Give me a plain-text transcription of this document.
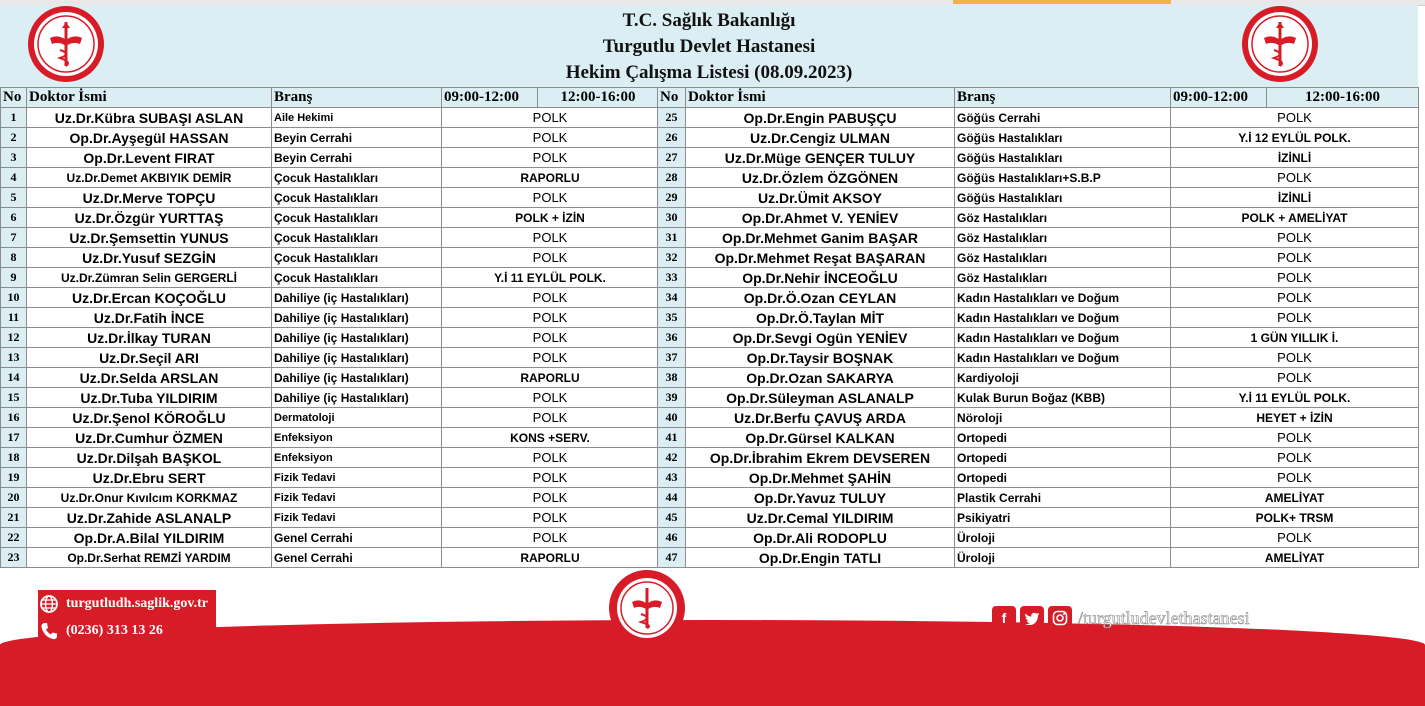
T.C. Sağlık Bakanlığı
Turgutlu Devlet Hastanesi
Hekim Çalışma Listesi (08.09.2023)
No	Doktor İsmi	Branş	09:00-12:00	12:00-16:00
1	Uz.Dr.Kübra SUBAŞI ASLAN	Aile Hekimi	POLK	
2	Op.Dr.Ayşegül HASSAN	Beyin Cerrahi	POLK	
3	Op.Dr.Levent FIRAT	Beyin Cerrahi	POLK	
4	Uz.Dr.Demet AKBIYIK DEMİR	Çocuk Hastalıkları	RAPORLU	
5	Uz.Dr.Merve TOPÇU	Çocuk Hastalıkları	POLK	
6	Uz.Dr.Özgür YURTTAŞ	Çocuk Hastalıkları	POLK + İZİN	
7	Uz.Dr.Şemsettin YUNUS	Çocuk Hastalıkları	POLK	
8	Uz.Dr.Yusuf SEZGİN	Çocuk Hastalıkları	POLK	
9	Uz.Dr.Zümran Selin GERGERLİ	Çocuk Hastalıkları	Y.İ 11 EYLÜL POLK.	
10	Uz.Dr.Ercan KOÇOĞLU	Dahiliye (iç Hastalıkları)	POLK	
11	Uz.Dr.Fatih İNCE	Dahiliye (iç Hastalıkları)	POLK	
12	Uz.Dr.İlkay TURAN	Dahiliye (iç Hastalıkları)	POLK	
13	Uz.Dr.Seçil ARI	Dahiliye (iç Hastalıkları)	POLK	
14	Uz.Dr.Selda ARSLAN	Dahiliye (iç Hastalıkları)	RAPORLU	
15	Uz.Dr.Tuba YILDIRIM	Dahiliye (iç Hastalıkları)	POLK	
16	Uz.Dr.Şenol KÖROĞLU	Dermatoloji	POLK	
17	Uz.Dr.Cumhur ÖZMEN	Enfeksiyon	KONS +SERV.	
18	Uz.Dr.Dilşah BAŞKOL	Enfeksiyon	POLK	
19	Uz.Dr.Ebru SERT	Fizik Tedavi	POLK	
20	Uz.Dr.Onur Kıvılcım KORKMAZ	Fizik Tedavi	POLK	
21	Uz.Dr.Zahide ASLANALP	Fizik Tedavi	POLK	
22	Op.Dr.A.Bilal YILDIRIM	Genel Cerrahi	POLK	
23	Op.Dr.Serhat REMZİ YARDIM	Genel Cerrahi	RAPORLU	
No	Doktor İsmi	Branş	09:00-12:00	12:00-16:00
25	Op.Dr.Engin PABUŞÇU	Göğüs Cerrahi	POLK	
26	Uz.Dr.Cengiz ULMAN	Göğüs Hastalıkları	Y.İ 12 EYLÜL POLK.	
27	Uz.Dr.Müge GENÇER TULUY	Göğüs Hastalıkları	İZİNLİ	
28	Uz.Dr.Özlem ÖZGÖNEN	Göğüs Hastalıkları+S.B.P	POLK	
29	Uz.Dr.Ümit AKSOY	Göğüs Hastalıkları	İZİNLİ	
30	Op.Dr.Ahmet V. YENİEV	Göz Hastalıkları	POLK + AMELİYAT	
31	Op.Dr.Mehmet Ganim BAŞAR	Göz Hastalıkları	POLK	
32	Op.Dr.Mehmet Reşat BAŞARAN	Göz Hastalıkları	POLK	
33	Op.Dr.Nehir İNCEOĞLU	Göz Hastalıkları	POLK	
34	Op.Dr.Ö.Ozan CEYLAN	Kadın Hastalıkları ve Doğum	POLK	
35	Op.Dr.Ö.Taylan MİT	Kadın Hastalıkları ve Doğum	POLK	
36	Op.Dr.Sevgi Ogün YENİEV	Kadın Hastalıkları ve Doğum	1 GÜN YILLIK İ.	
37	Op.Dr.Taysir BOŞNAK	Kadın Hastalıkları ve Doğum	POLK	
38	Op.Dr.Ozan SAKARYA	Kardiyoloji	POLK	
39	Op.Dr.Süleyman ASLANALP	Kulak Burun Boğaz (KBB)	Y.İ 11 EYLÜL POLK.	
40	Uz.Dr.Berfu ÇAVUŞ ARDA	Nöroloji	HEYET + İZİN	
41	Op.Dr.Gürsel KALKAN	Ortopedi	POLK	
42	Op.Dr.İbrahim Ekrem DEVSEREN	Ortopedi	POLK	
43	Op.Dr.Mehmet ŞAHİN	Ortopedi	POLK	
44	Op.Dr.Yavuz TULUY	Plastik Cerrahi	AMELİYAT	
45	Uz.Dr.Cemal YILDIRIM	Psikiyatri	POLK+ TRSM	
46	Op.Dr.Ali RODOPLU	Üroloji	POLK	
47	Op.Dr.Engin TATLI	Üroloji	AMELİYAT	
turgutludh.saglik.gov.tr
(0236) 313 13 26
f	/turgutludevlethastanesi
